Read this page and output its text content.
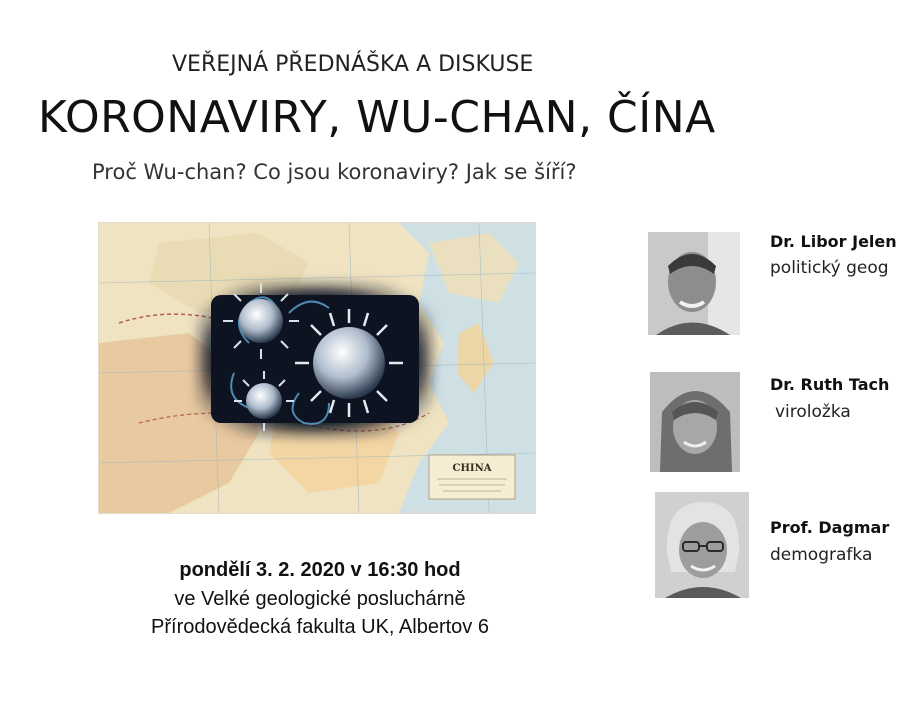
VEŘEJNÁ PŘEDNÁŠKA A DISKUSE
KORONAVIRY, WU-CHAN, ČÍNA
Proč Wu-chan? Co jsou koronaviry? Jak se šíří?
CHINA
pondělí 3. 2. 2020 v 16:30 hod
ve Velké geologické posluchárně
Přírodovědecká fakulta UK, Albertov 6
Dr. Libor Jelen
politický geog
Dr. Ruth Tach
viroložka
Prof. Dagmar
demografka
